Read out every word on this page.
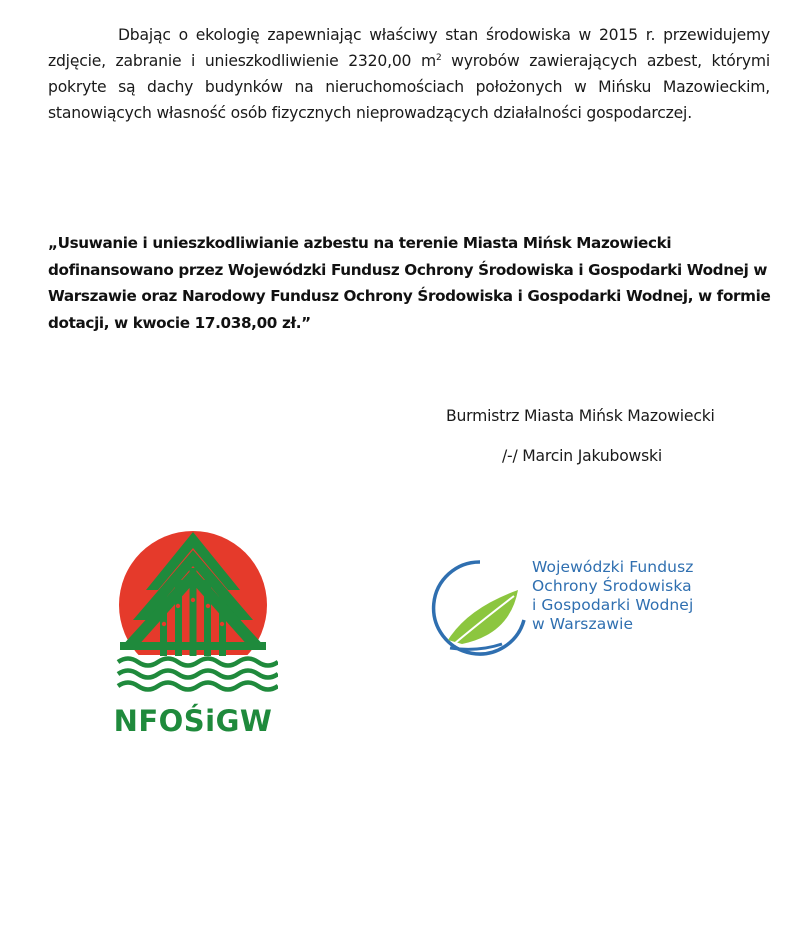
Dbając o ekologię zapewniając właściwy stan środowiska w 2015 r. przewidujemy zdjęcie, zabranie i unieszkodliwienie 2320,00 $m^2$ wyrobów zawierających azbest, którymi pokryte są dachy budynków na nieruchomościach położonych w Mińsku Mazowieckim, stanowiących własność osób fizycznych nieprowadzących działalności gospodarczej.

„Usuwanie i unieszkodliwianie azbestu na terenie Miasta Mińsk Mazowiecki dofinansowano przez Wojewódzki Fundusz Ochrony Środowiska i Gospodarki Wodnej w Warszawie oraz Narodowy Fundusz Ochrony Środowiska i Gospodarki Wodnej, w formie dotacji, w kwocie 17.038,00 zł.”

Burmistrz Miasta Mińsk Mazowiecki
/-/ Marcin Jakubowski
NFOŚiGW
Wojewódzki Fundusz
Ochrony Środowiska
i Gospodarki Wodnej
w Warszawie
